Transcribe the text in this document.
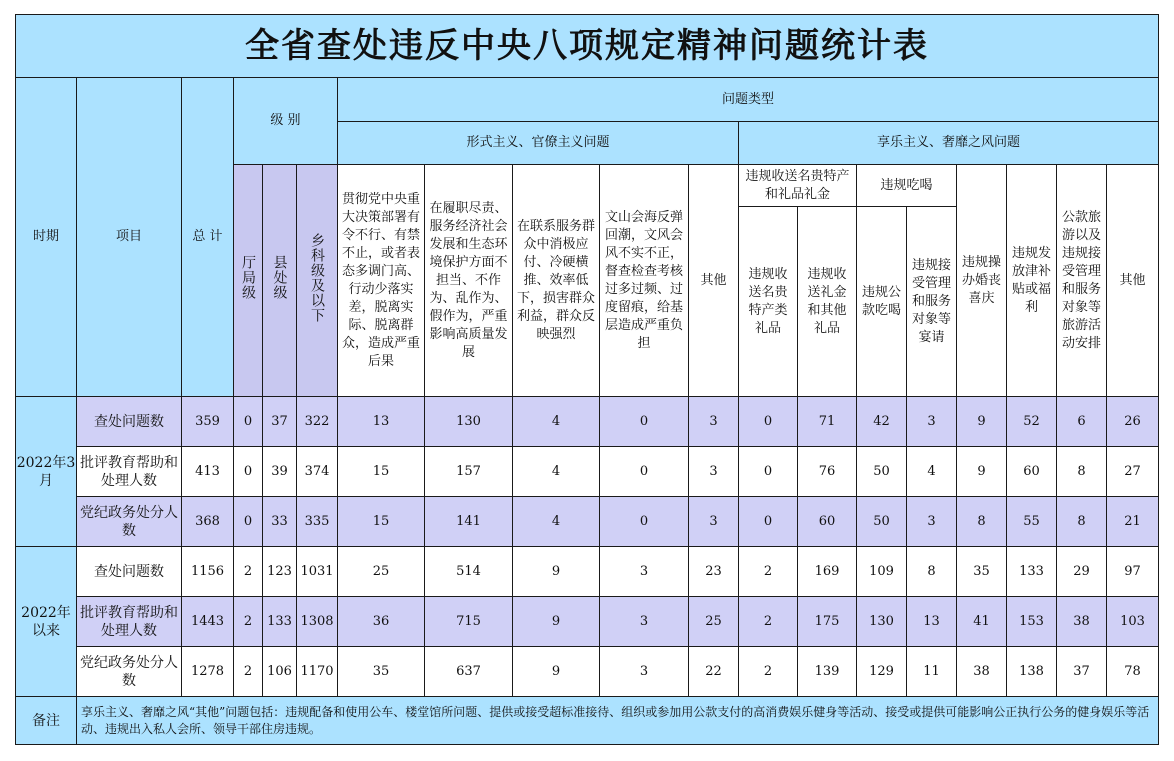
全省查处违反中央八项规定精神问题统计表																		
时期	项目	总 计	级 别			问题类型												
						形式主义、官僚主义问题					享乐主义、奢靡之风问题							
			厅局级	县处级	乡科级及以下	贯彻党中央重大决策部署有令不行、有禁不止，或者表态多调门高、行动少落实差，脱离实际、脱离群众，造成严重后果	在履职尽责、服务经济社会发展和生态环境保护方面不担当、不作为、乱作为、假作为，严重影响高质量发展	在联系服务群众中消极应付、冷硬横推、效率低下，损害群众利益，群众反映强烈	文山会海反弹回潮，文风会风不实不正，督查检查考核过多过频、过度留痕，给基层造成严重负担	其他	违规收送名贵特产和礼品礼金		违规吃喝		违规操办婚丧喜庆	违规发放津补贴或福利	公款旅游以及违规接受管理和服务对象等旅游活动安排	其他
											违规收送名贵特产类礼品	违规收送礼金和其他礼品	违规公款吃喝	违规接受管理和服务对象等宴请				
2022年3月	查处问题数	359	0	37	322	13	130	4	0	3	0	71	42	3	9	52	6	26
	批评教育帮助和处理人数	413	0	39	374	15	157	4	0	3	0	76	50	4	9	60	8	27
	党纪政务处分人数	368	0	33	335	15	141	4	0	3	0	60	50	3	8	55	8	21
2022年以来	查处问题数	1156	2	123	1031	25	514	9	3	23	2	169	109	8	35	133	29	97
	批评教育帮助和处理人数	1443	2	133	1308	36	715	9	3	25	2	175	130	13	41	153	38	103
	党纪政务处分人数	1278	2	106	1170	35	637	9	3	22	2	139	129	11	38	138	37	78
备注	享乐主义、奢靡之风“其他”问题包括：违规配备和使用公车、楼堂馆所问题、提供或接受超标准接待、组织或参加用公款支付的高消费娱乐健身等活动、接受或提供可能影响公正执行公务的健身娱乐等活动、违规出入私人会所、领导干部住房违规。																	
